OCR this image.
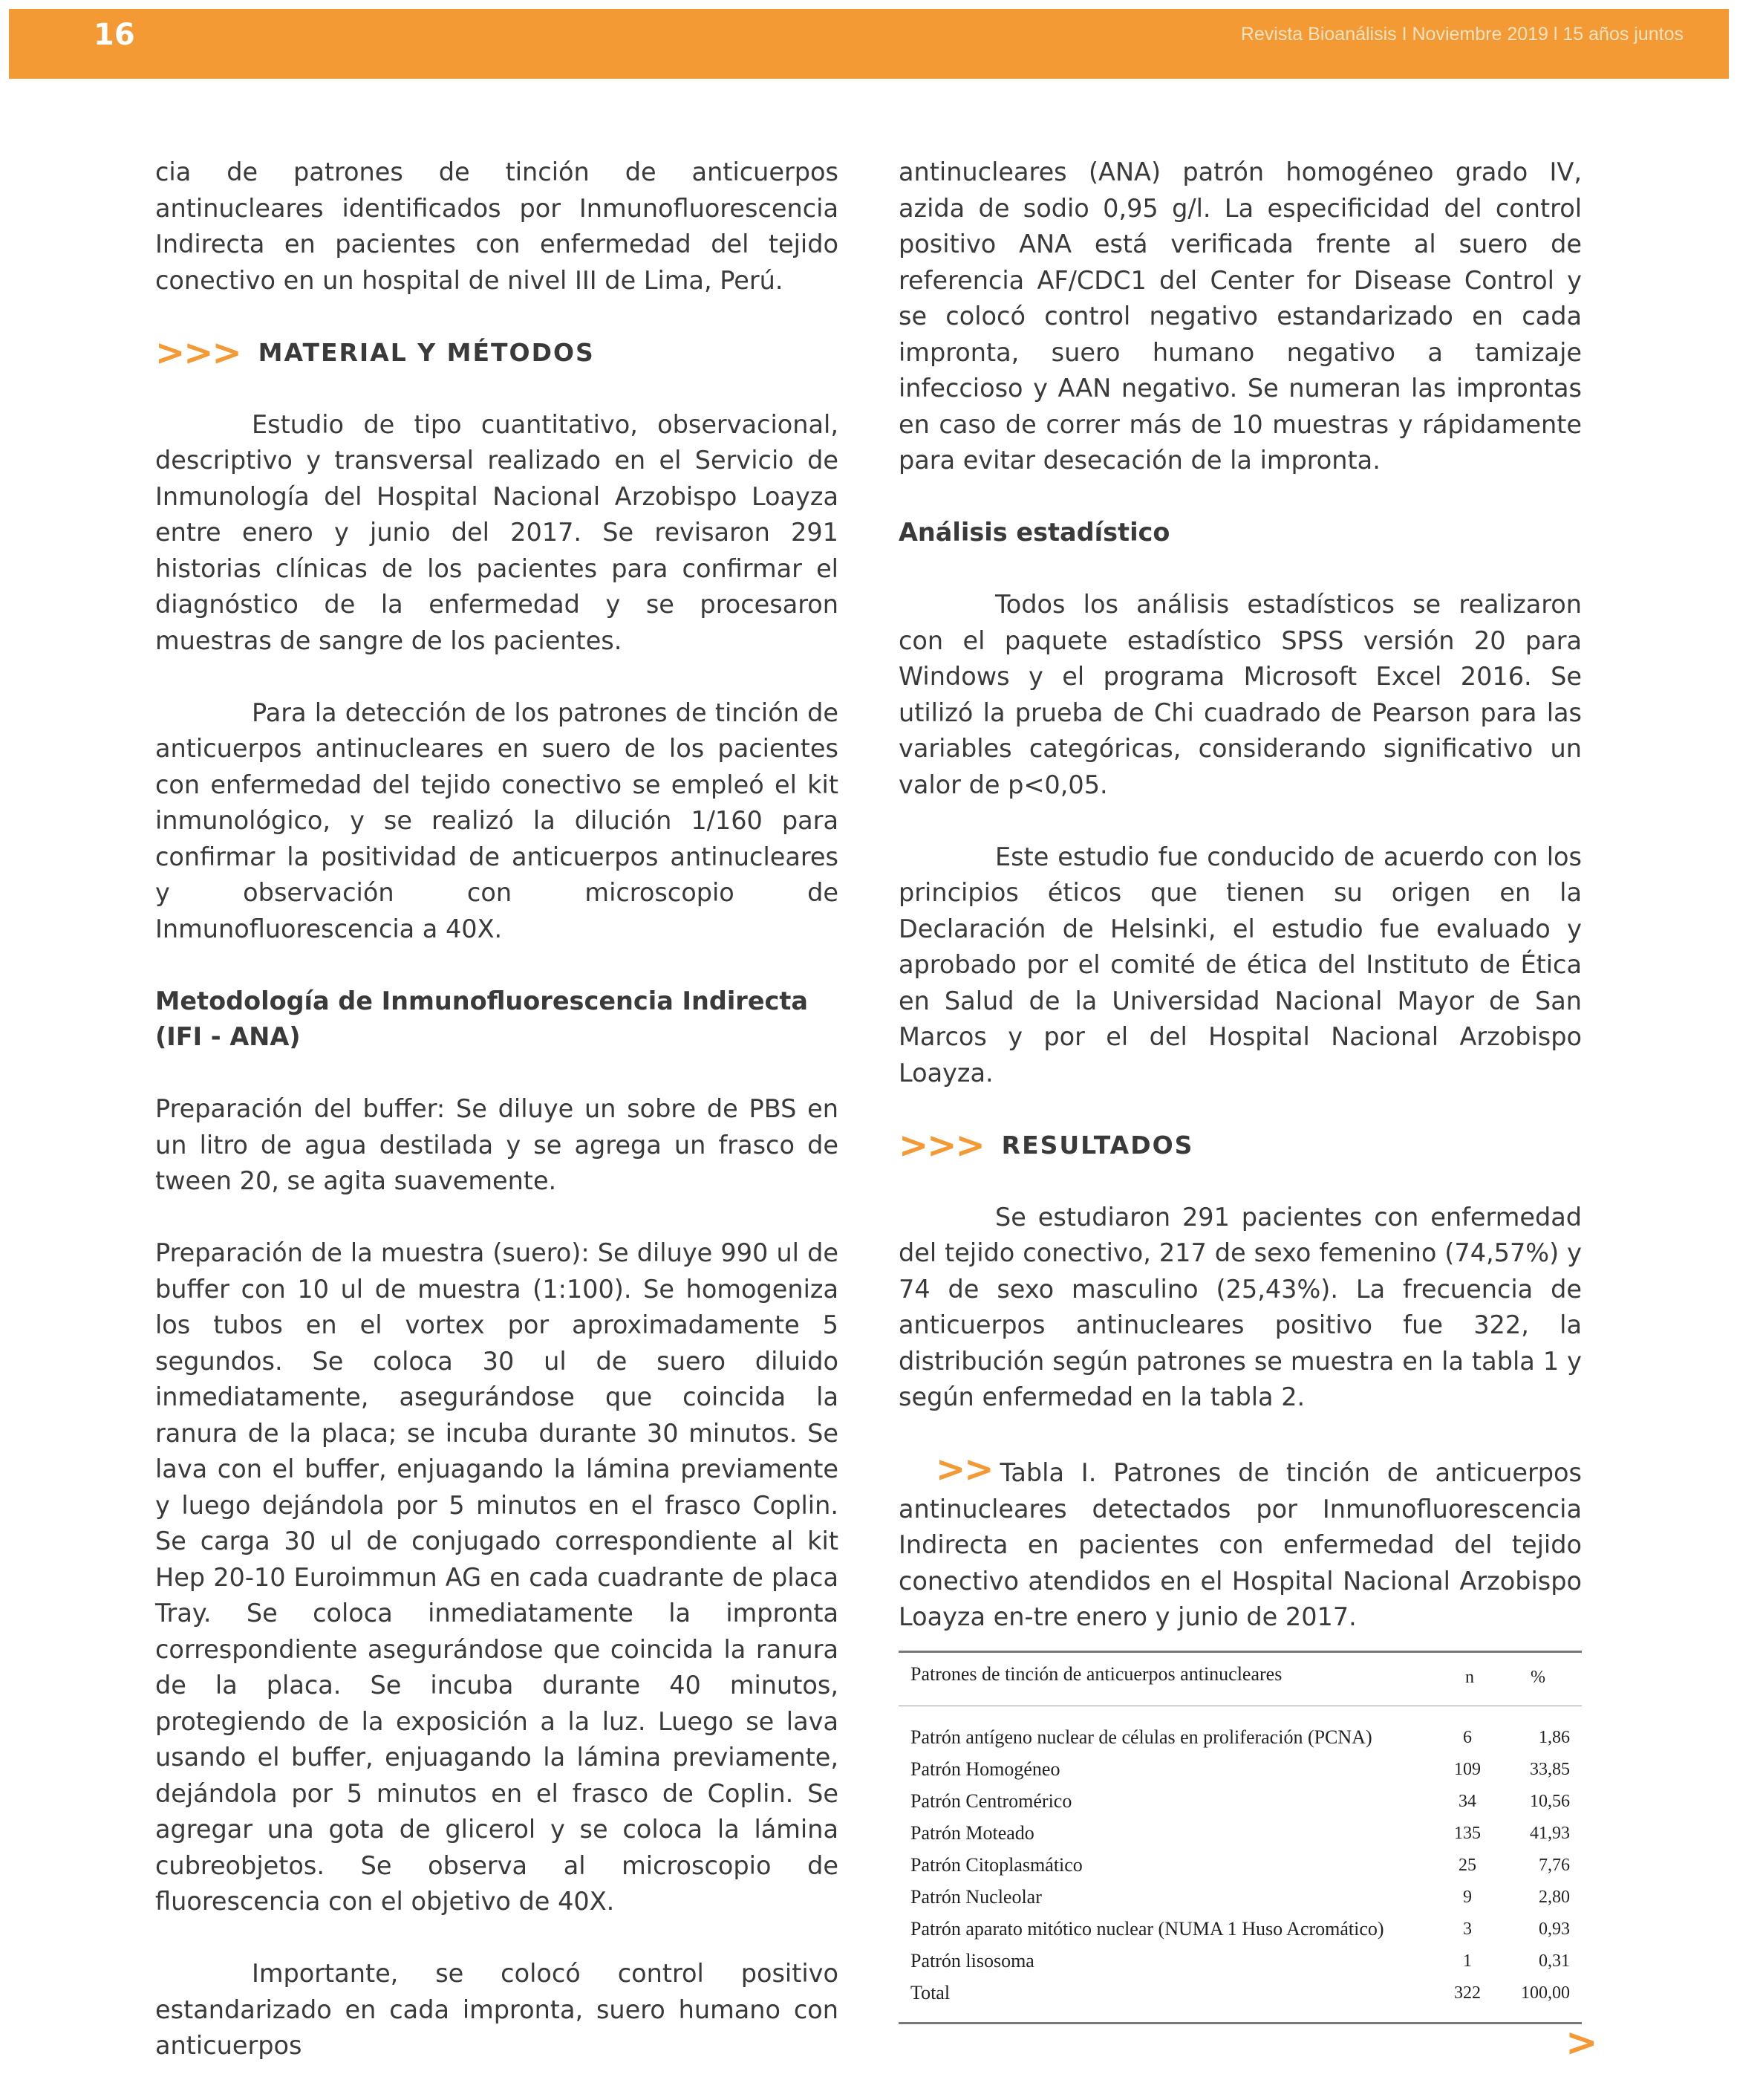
16	Revista Bioanálisis I Noviembre 2019 l 15 años juntos

cia de patrones de tinción de anticuerpos antinucleares identificados por Inmunofluorescencia Indirecta en pacientes con enfermedad del tejido conectivo en un hospital de nivel III de Lima, Perú.

>>> MATERIAL Y MÉTODOS

Estudio de tipo cuantitativo, observacional, descriptivo y transversal realizado en el Servicio de Inmunología del Hospital Nacional Arzobispo Loayza entre enero y junio del 2017. Se revisaron 291 historias clínicas de los pacientes para confirmar el diagnóstico de la enfermedad y se procesaron muestras de sangre de los pacientes.

Para la detección de los patrones de tinción de anticuerpos antinucleares en suero de los pacientes con enfermedad del tejido conectivo se empleó el kit inmunológico, y se realizó la dilución 1/160 para confirmar la positividad de anticuerpos antinucleares y observación con microscopio de Inmunofluorescencia a 40X.

Metodología de Inmunofluorescencia Indirecta (IFI - ANA)

Preparación del buffer: Se diluye un sobre de PBS en un litro de agua destilada y se agrega un frasco de tween 20, se agita suavemente.

Preparación de la muestra (suero): Se diluye 990 ul de buffer con 10 ul de muestra (1:100). Se homogeniza los tubos en el vortex por aproximadamente 5 segundos. Se coloca 30 ul de suero diluido inmediatamente, asegurándose que coincida la ranura de la placa; se incuba durante 30 minutos. Se lava con el buffer, enjuagando la lámina previamente y luego dejándola por 5 minutos en el frasco Coplin. Se carga 30 ul de conjugado correspondiente al kit Hep 20-10 Euroimmun AG en cada cuadrante de placa Tray. Se coloca inmediatamente la impronta correspondiente asegurándose que coincida la ranura de la placa. Se incuba durante 40 minutos, protegiendo de la exposición a la luz. Luego se lava usando el buffer, enjuagando la lámina previamente, dejándola por 5 minutos en el frasco de Coplin. Se agregar una gota de glicerol y se coloca la lámina cubreobjetos. Se observa al microscopio de fluorescencia con el objetivo de 40X.

Importante, se colocó control positivo estandarizado en cada impronta, suero humano con anticuerpos

antinucleares (ANA) patrón homogéneo grado IV, azida de sodio 0,95 g/l. La especificidad del control positivo ANA está verificada frente al suero de referencia AF/CDC1 del Center for Disease Control y se colocó control negativo estandarizado en cada impronta, suero humano negativo a tamizaje infeccioso y AAN negativo. Se numeran las improntas en caso de correr más de 10 muestras y rápidamente para evitar desecación de la impronta.

Análisis estadístico

Todos los análisis estadísticos se realizaron con el paquete estadístico SPSS versión 20 para Windows y el programa Microsoft Excel 2016. Se utilizó la prueba de Chi cuadrado de Pearson para las variables categóricas, considerando significativo un valor de p<0,05.

Este estudio fue conducido de acuerdo con los principios éticos que tienen su origen en la Declaración de Helsinki, el estudio fue evaluado y aprobado por el comité de ética del Instituto de Ética en Salud de la Universidad Nacional Mayor de San Marcos y por el del Hospital Nacional Arzobispo Loayza.

>>> RESULTADOS

Se estudiaron 291 pacientes con enfermedad del tejido conectivo, 217 de sexo femenino (74,57%) y 74 de sexo masculino (25,43%). La frecuencia de anticuerpos antinucleares positivo fue 322, la distribución según patrones se muestra en la tabla 1 y según enfermedad en la tabla 2.

>> Tabla I. Patrones de tinción de anticuerpos antinucleares detectados por Inmunofluorescencia Indirecta en pacientes con enfermedad del tejido conectivo atendidos en el Hospital Nacional Arzobispo Loayza en-tre enero y junio de 2017.

Patrones de tinción de anticuerpos antinucleares	n	%
Patrón antígeno nuclear de células en proliferación (PCNA)	6	1,86
Patrón Homogéneo	109	33,85
Patrón Centromérico	34	10,56
Patrón Moteado	135	41,93
Patrón Citoplasmático	25	7,76
Patrón Nucleolar	9	2,80
Patrón aparato mitótico nuclear (NUMA 1 Huso Acromático)	3	0,93
Patrón lisosoma	1	0,31
Total	322	100,00
>
